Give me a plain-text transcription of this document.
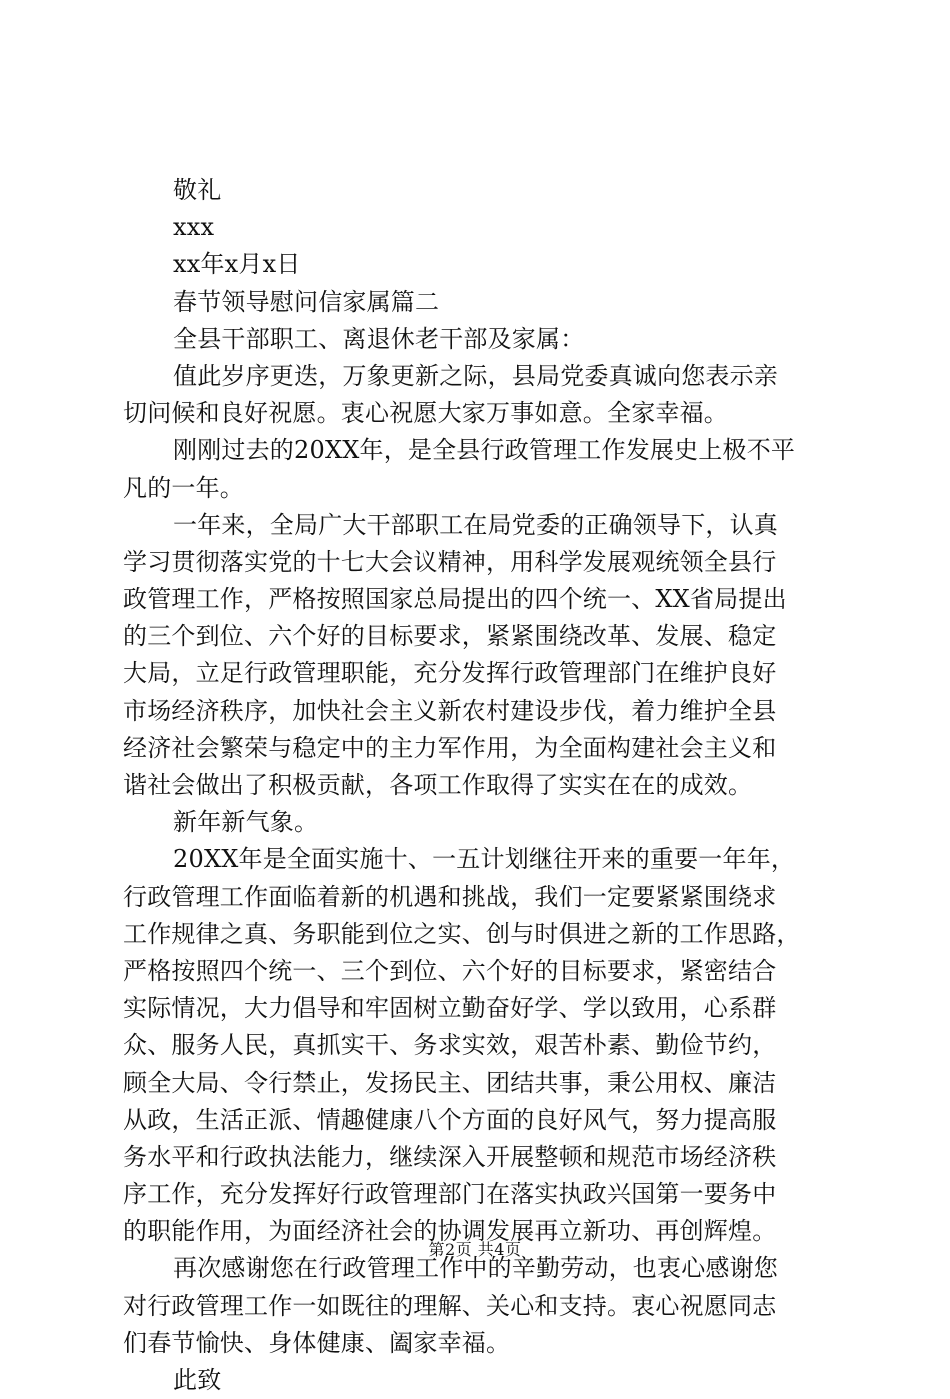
敬礼
xxx
xx年x月x日
春节领导慰问信家属篇二
全县干部职工、离退休老干部及家属：
值此岁序更迭，万象更新之际，县局党委真诚向您表示亲
切问候和良好祝愿。衷心祝愿大家万事如意。全家幸福。
刚刚过去的20XX年，是全县行政管理工作发展史上极不平
凡的一年。
一年来，全局广大干部职工在局党委的正确领导下，认真
学习贯彻落实党的十七大会议精神，用科学发展观统领全县行
政管理工作，严格按照国家总局提出的四个统一、XX省局提出
的三个到位、六个好的目标要求，紧紧围绕改革、发展、稳定
大局，立足行政管理职能，充分发挥行政管理部门在维护良好
市场经济秩序，加快社会主义新农村建设步伐，着力维护全县
经济社会繁荣与稳定中的主力军作用，为全面构建社会主义和
谐社会做出了积极贡献，各项工作取得了实实在在的成效。
新年新气象。
20XX年是全面实施十、一五计划继往开来的重要一年年，
行政管理工作面临着新的机遇和挑战，我们一定要紧紧围绕求
工作规律之真、务职能到位之实、创与时俱进之新的工作思路，
严格按照四个统一、三个到位、六个好的目标要求，紧密结合
实际情况，大力倡导和牢固树立勤奋好学、学以致用，心系群
众、服务人民，真抓实干、务求实效，艰苦朴素、勤俭节约，
顾全大局、令行禁止，发扬民主、团结共事，秉公用权、廉洁
从政，生活正派、情趣健康八个方面的良好风气，努力提高服
务水平和行政执法能力，继续深入开展整顿和规范市场经济秩
序工作，充分发挥好行政管理部门在落实执政兴国第一要务中
的职能作用，为面经济社会的协调发展再立新功、再创辉煌。
再次感谢您在行政管理工作中的辛勤劳动，也衷心感谢您
对行政管理工作一如既往的理解、关心和支持。衷心祝愿同志
们春节愉快、身体健康、阖家幸福。
此致
第2页 共4页
